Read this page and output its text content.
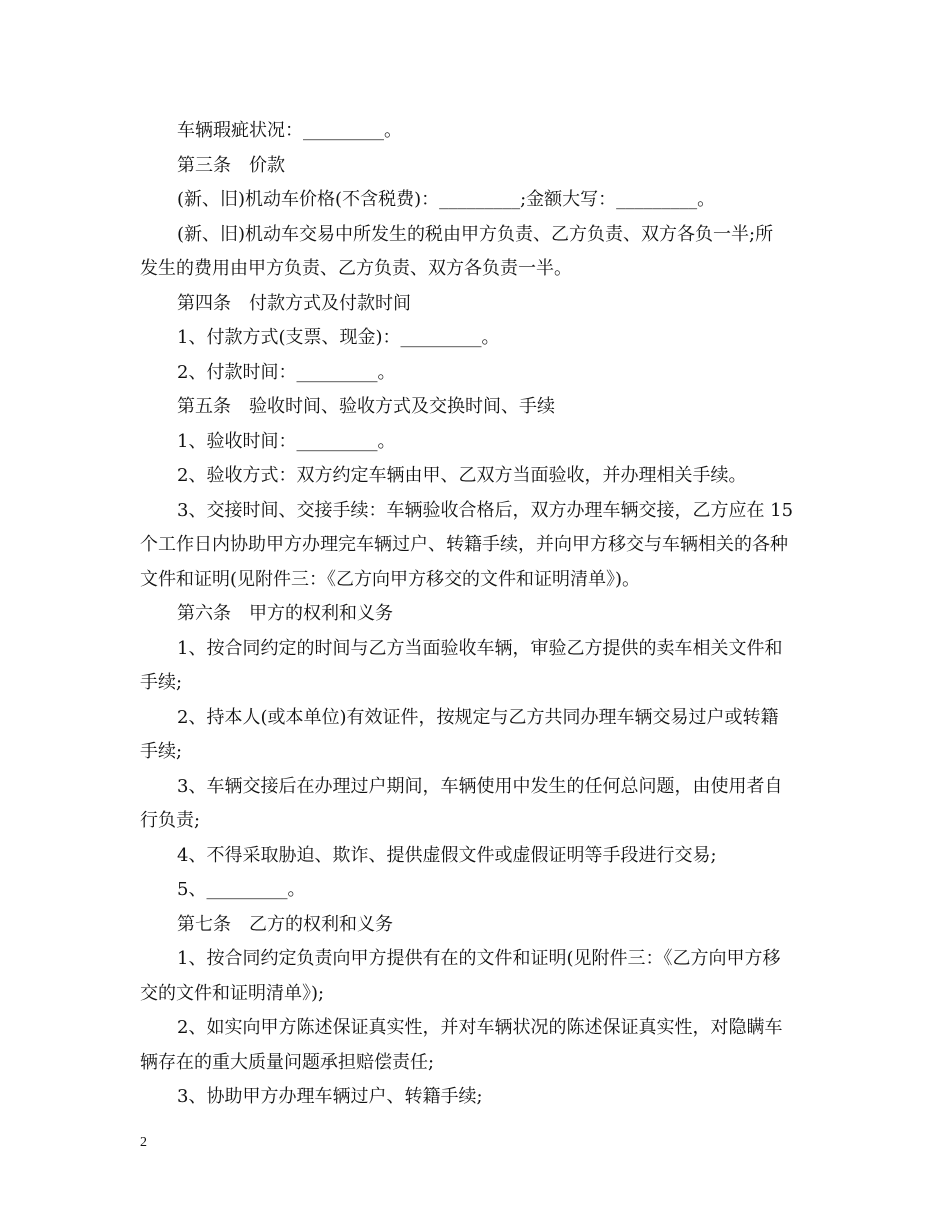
车辆瑕疵状况：_________。
第三条　价款
(新、旧)机动车价格(不含税费)：_________;金额大写：_________。
(新、旧)机动车交易中所发生的税由甲方负责、乙方负责、双方各负一半;所
发生的费用由甲方负责、乙方负责、双方各负责一半。
第四条　付款方式及付款时间
1、付款方式(支票、现金)：_________。
2、付款时间：_________。
第五条　验收时间、验收方式及交换时间、手续
1、验收时间：_________。
2、验收方式：双方约定车辆由甲、乙双方当面验收，并办理相关手续。
3、交接时间、交接手续：车辆验收合格后，双方办理车辆交接，乙方应在 15
个工作日内协助甲方办理完车辆过户、转籍手续，并向甲方移交与车辆相关的各种
文件和证明(见附件三：《乙方向甲方移交的文件和证明清单》)。
第六条　甲方的权利和义务
1、按合同约定的时间与乙方当面验收车辆，审验乙方提供的卖车相关文件和
手续;
2、持本人(或本单位)有效证件，按规定与乙方共同办理车辆交易过户或转籍
手续;
3、车辆交接后在办理过户期间，车辆使用中发生的任何总问题，由使用者自
行负责;
4、不得采取胁迫、欺诈、提供虚假文件或虚假证明等手段进行交易;
5、_________。
第七条　乙方的权利和义务
1、按合同约定负责向甲方提供有在的文件和证明(见附件三：《乙方向甲方移
交的文件和证明清单》);
2、如实向甲方陈述保证真实性，并对车辆状况的陈述保证真实性，对隐瞒车
辆存在的重大质量问题承担赔偿责任;
3、协助甲方办理车辆过户、转籍手续;
2
